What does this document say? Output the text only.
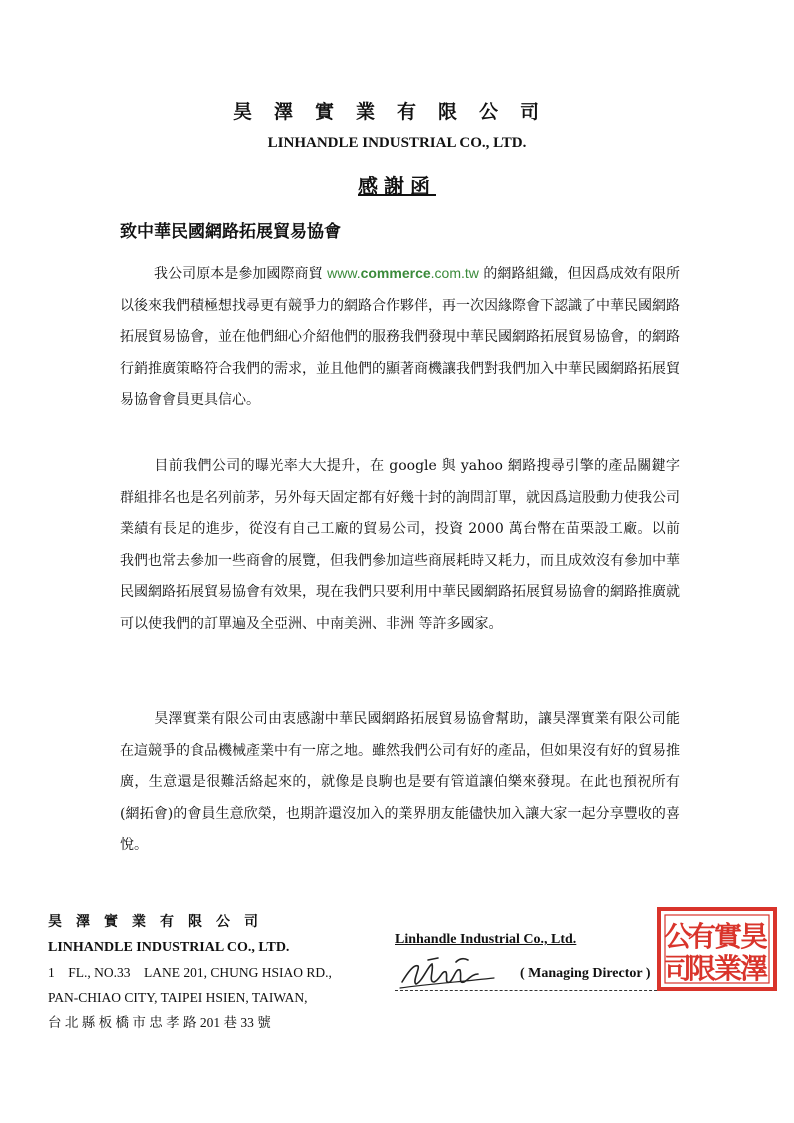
昊澤實業有限公司
LINHANDLE INDUSTRIAL CO., LTD.
感謝函
致中華民國網路拓展貿易協會
我公司原本是參加國際商貿 www.commerce.com.tw 的網路組織，但因爲成效有限所以後來我們積極想找尋更有競爭力的網路合作夥伴，再一次因緣際會下認識了中華民國網路拓展貿易協會，並在他們細心介紹他們的服務我們發現中華民國網路拓展貿易協會，的網路行銷推廣策略符合我們的需求，並且他們的顯著商機讓我們對我們加入中華民國網路拓展貿易協會會員更具信心。
目前我們公司的曝光率大大提升，在 google 與 yahoo 網路搜尋引擎的產品關鍵字群組排名也是名列前茅，另外每天固定都有好幾十封的詢問訂單，就因爲這股動力使我公司業績有長足的進步，從沒有自己工廠的貿易公司，投資 2000 萬台幣在苗栗設工廠。以前我們也常去參加一些商會的展覽，但我們參加這些商展耗時又耗力，而且成效沒有參加中華民國網路拓展貿易協會有效果，現在我們只要利用中華民國網路拓展貿易協會的網路推廣就可以使我們的訂單遍及全亞洲、中南美洲、非洲 等許多國家。
昊澤實業有限公司由衷感謝中華民國網路拓展貿易協會幫助，讓昊澤實業有限公司能在這競爭的食品機械產業中有一席之地。雖然我們公司有好的產品，但如果沒有好的貿易推廣，生意還是很難活絡起來的，就像是良駒也是要有管道讓伯樂來發現。在此也預祝所有(網拓會)的會員生意欣榮，也期許還沒加入的業界朋友能儘快加入讓大家一起分享豐收的喜悅。
昊澤實業有限公司
LINHANDLE INDUSTRIAL CO., LTD.
1　FL., NO.33　LANE 201, CHUNG HSIAO RD.,
PAN-CHIAO CITY, TAIPEI HSIEN, TAIWAN,
台 北 縣 板 橋 市 忠 孝 路 201 巷 33 號
Linhandle Industrial Co., Ltd.
( Managing Director )
昊
澤
實
業
有
限
公
司
